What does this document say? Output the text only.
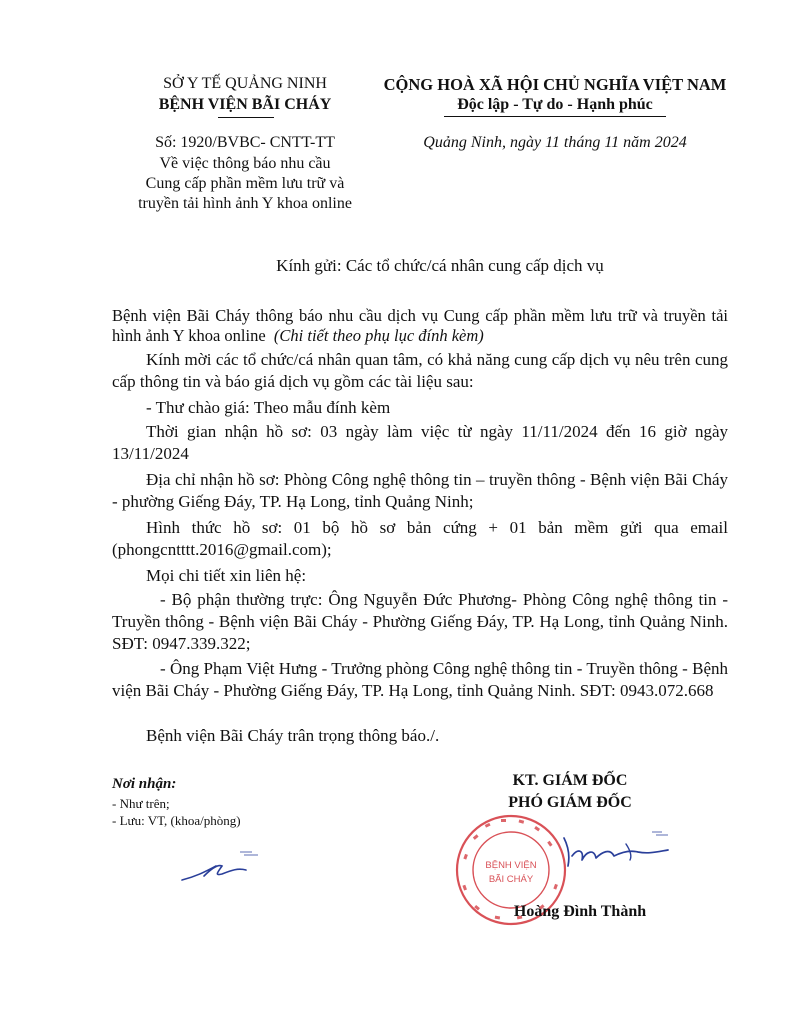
SỞ Y TẾ QUẢNG NINH
BỆNH VIỆN BÃI CHÁY
CỘNG HOÀ XÃ HỘI CHỦ NGHĨA VIỆT NAM
Độc lập - Tự do - Hạnh phúc
Số: 1920/BVBC- CNTT-TT
Về việc thông báo nhu cầu
Cung cấp phần mềm lưu trữ và
truyền tải hình ảnh Y khoa online
Quảng Ninh, ngày 11 tháng 11 năm 2024
Kính gửi: Các tổ chức/cá nhân cung cấp dịch vụ
Bệnh viện Bãi Cháy thông báo nhu cầu dịch vụ Cung cấp phần mềm lưu trữ và truyền tải hình ảnh Y khoa online (Chi tiết theo phụ lục đính kèm)
Kính mời các tổ chức/cá nhân quan tâm, có khả năng cung cấp dịch vụ nêu trên cung cấp thông tin và báo giá dịch vụ gồm các tài liệu sau:
- Thư chào giá: Theo mẫu đính kèm
Thời gian nhận hồ sơ: 03 ngày làm việc từ ngày 11/11/2024 đến 16 giờ ngày 13/11/2024
Địa chỉ nhận hồ sơ: Phòng Công nghệ thông tin – truyền thông - Bệnh viện Bãi Cháy - phường Giếng Đáy, TP. Hạ Long, tỉnh Quảng Ninh;
Hình thức hồ sơ: 01 bộ hồ sơ bản cứng + 01 bản mềm gửi qua email (phongcntttt.2016@gmail.com);
Mọi chi tiết xin liên hệ:
- Bộ phận thường trực: Ông Nguyễn Đức Phương- Phòng Công nghệ thông tin - Truyền thông - Bệnh viện Bãi Cháy - Phường Giếng Đáy, TP. Hạ Long, tỉnh Quảng Ninh. SĐT: 0947.339.322;
- Ông Phạm Việt Hưng - Trưởng phòng Công nghệ thông tin - Truyền thông - Bệnh viện Bãi Cháy - Phường Giếng Đáy, TP. Hạ Long, tỉnh Quảng Ninh. SĐT: 0943.072.668
Bệnh viện Bãi Cháy trân trọng thông báo./.
Nơi nhận:
- Như trên;
- Lưu: VT, (khoa/phòng)
KT. GIÁM ĐỐC
PHÓ GIÁM ĐỐC
BỆNH VIỆN
BÃI CHÁY
Hoàng Đình Thành
